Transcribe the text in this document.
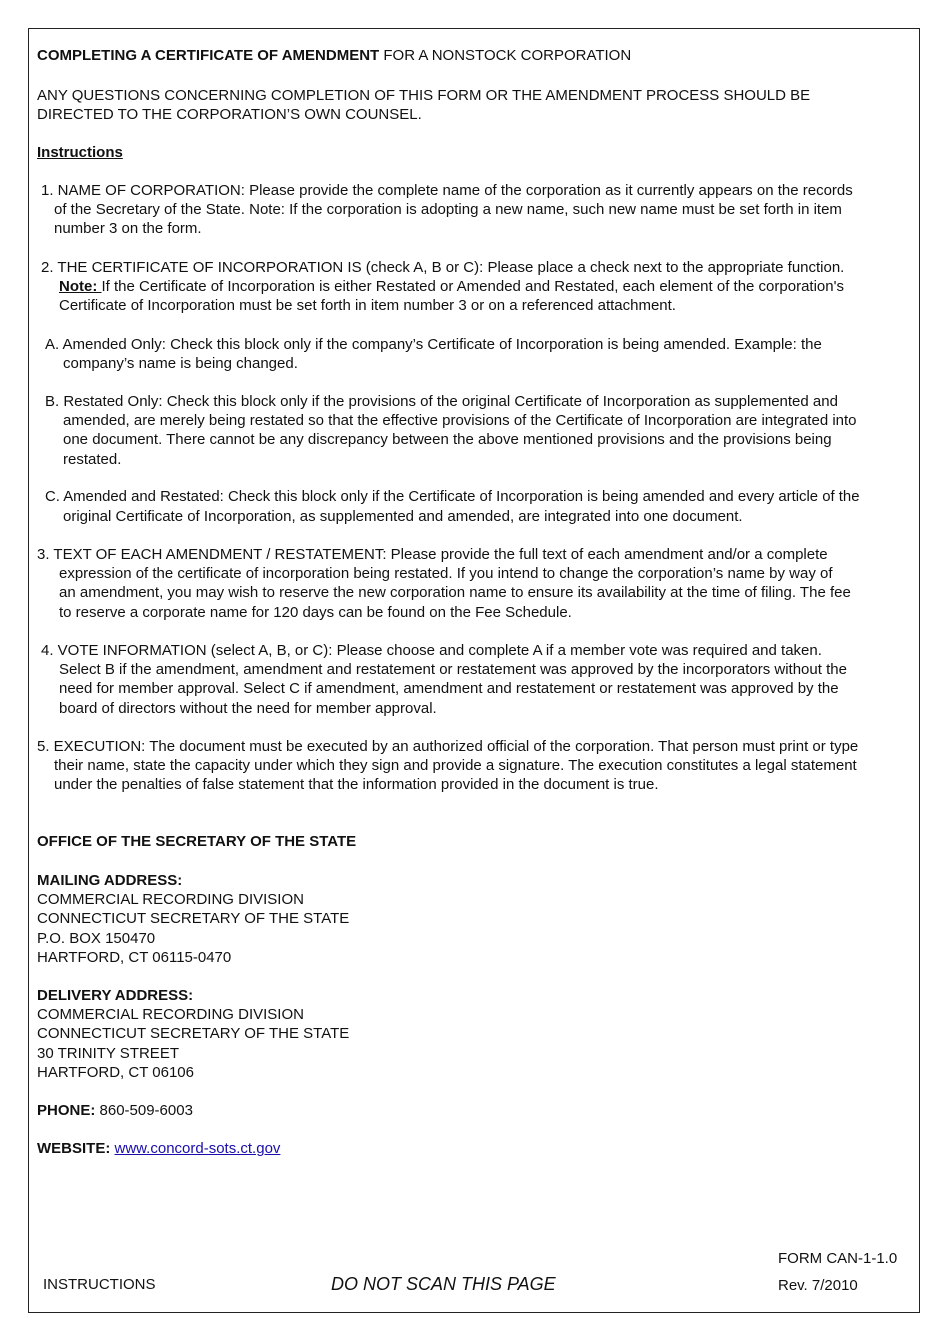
COMPLETING A CERTIFICATE OF AMENDMENT FOR A NONSTOCK CORPORATION

ANY QUESTIONS CONCERNING COMPLETION OF THIS FORM OR THE AMENDMENT PROCESS SHOULD BE
DIRECTED TO THE CORPORATION’S OWN COUNSEL.

Instructions

1. NAME OF CORPORATION: Please provide the complete name of the corporation as it currently appears on the records
of the Secretary of the State. Note: If the corporation is adopting a new name, such new name must be set forth in item
number 3 on the form.
2. THE CERTIFICATE OF INCORPORATION IS (check A, B or C): Please place a check next to the appropriate function.
Note: If the Certificate of Incorporation is either Restated or Amended and Restated, each element of the corporation's
Certificate of Incorporation must be set forth in item number 3 or on a referenced attachment.
A. Amended Only: Check this block only if the company’s Certificate of Incorporation is being amended. Example: the
company’s name is being changed.
B. Restated Only: Check this block only if the provisions of the original Certificate of Incorporation as supplemented and
amended, are merely being restated so that the effective provisions of the Certificate of Incorporation are integrated into
one document. There cannot be any discrepancy between the above mentioned provisions and the provisions being
restated.
C. Amended and Restated: Check this block only if the Certificate of Incorporation is being amended and every article of the
original Certificate of Incorporation, as supplemented and amended, are integrated into one document.
3. TEXT OF EACH AMENDMENT / RESTATEMENT: Please provide the full text of each amendment and/or a complete
expression of the certificate of incorporation being restated. If you intend to change the corporation’s name by way of
an amendment, you may wish to reserve the new corporation name to ensure its availability at the time of filing. The fee
to reserve a corporate name for 120 days can be found on the Fee Schedule.
4. VOTE INFORMATION (select A, B, or C): Please choose and complete A if a member vote was required and taken.
Select B if the amendment, amendment and restatement or restatement was approved by the incorporators without the
need for member approval. Select C if amendment, amendment and restatement or restatement was approved by the
board of directors without the need for member approval.
5. EXECUTION: The document must be executed by an authorized official of the corporation. That person must print or type
their name, state the capacity under which they sign and provide a signature. The execution constitutes a legal statement
under the penalties of false statement that the information provided in the document is true.

OFFICE OF THE SECRETARY OF THE STATE

MAILING ADDRESS:
COMMERCIAL RECORDING DIVISION
CONNECTICUT SECRETARY OF THE STATE
P.O. BOX 150470
HARTFORD, CT 06115-0470
DELIVERY ADDRESS:
COMMERCIAL RECORDING DIVISION
CONNECTICUT SECRETARY OF THE STATE
30 TRINITY STREET
HARTFORD, CT 06106

PHONE: 860-509-6003

WEBSITE: www.concord-sots.ct.gov

FORM CAN-1-1.0

INSTRUCTIONS	DO NOT SCAN THIS PAGE	Rev. 7/2010
